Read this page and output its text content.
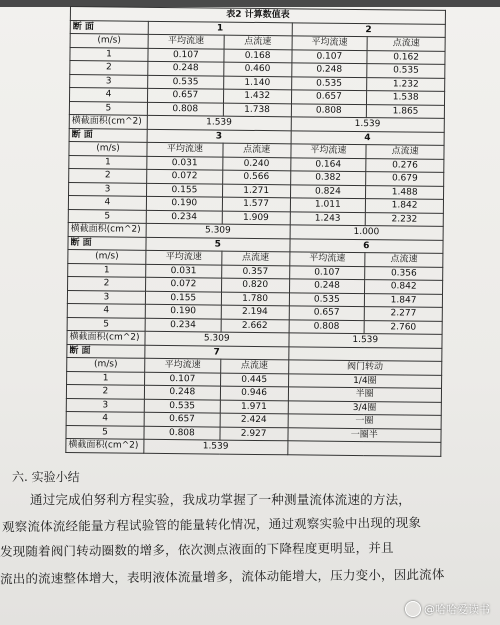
表2 计算数值表				
断 面	1		2	
(m/s)	平均流速	点流速	平均流速	点流速
1	0.107	0.168	0.107	0.162
2	0.248	0.460	0.248	0.535
3	0.535	1.140	0.535	1.232
4	0.657	1.432	0.657	1.538
5	0.808	1.738	0.808	1.865
横截面积(cm^2)	1.539		1.539	
断 面	3		4	
(m/s)	平均流速	点流速	平均流速	点流速
1	0.031	0.240	0.164	0.276
2	0.072	0.566	0.382	0.679
3	0.155	1.271	0.824	1.488
4	0.190	1.577	1.011	1.842
5	0.234	1.909	1.243	2.232
横截面积(cm^2)	5.309		1.000	
断 面	5		6	
(m/s)	平均流速	点流速	平均流速	点流速
1	0.031	0.357	0.107	0.356
2	0.072	0.820	0.248	0.842
3	0.155	1.780	0.535	1.847
4	0.190	2.194	0.657	2.277
5	0.234	2.662	0.808	2.760
横截面积(cm^2)	5.309		1.539	
断 面	7			
(m/s)	平均流速	点流速	阀门转动	
1	0.107	0.445	1/4圈	
2	0.248	0.946	半圈	
3	0.535	1.971	3/4圈	
4	0.657	2.424	一圈	
5	0.808	2.927	一圈半	
横截面积(cm^2)	1.539			
六. 实验小结
通过完成伯努利方程实验，我成功掌握了一种测量流体流速的方法，
观察流体流经能量方程试验管的能量转化情况，通过观察实验中出现的现象
发现随着阀门转动圈数的增多，依次测点液面的下降程度更明显，并且
流出的流速整体增大，表明液体流量增多，流体动能增大，压力变小，因此流体
@哈哈爱读书
